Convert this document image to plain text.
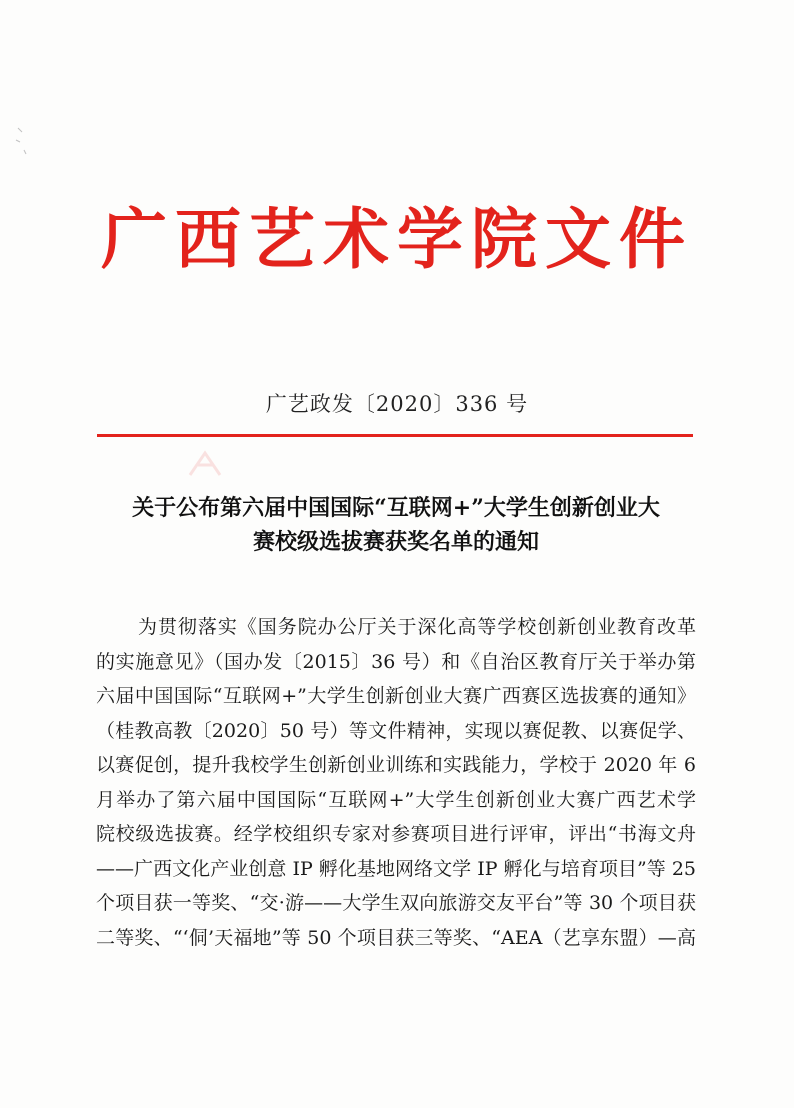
广西艺术学院文件
广艺政发〔2020〕336 号
关于公布第六届中国国际“互联网+”大学生创新创业大
赛校级选拔赛获奖名单的通知
为贯彻落实《国务院办公厅关于深化高等学校创新创业教育改革
的实施意见》（国办发〔2015〕36 号）和《自治区教育厅关于举办第
六届中国国际“互联网+”大学生创新创业大赛广西赛区选拔赛的通知》
（桂教高教〔2020〕50 号）等文件精神，实现以赛促教、以赛促学、
以赛促创，提升我校学生创新创业训练和实践能力，学校于 2020 年 6
月举办了第六届中国国际“互联网+”大学生创新创业大赛广西艺术学
院校级选拔赛。经学校组织专家对参赛项目进行评审，评出“书海文舟
——广西文化产业创意 IP 孵化基地网络文学 IP 孵化与培育项目”等 25
个项目获一等奖、“交·游——大学生双向旅游交友平台”等 30 个项目获
二等奖、“‘侗’天福地”等 50 个项目获三等奖、“AEA（艺享东盟）—高
